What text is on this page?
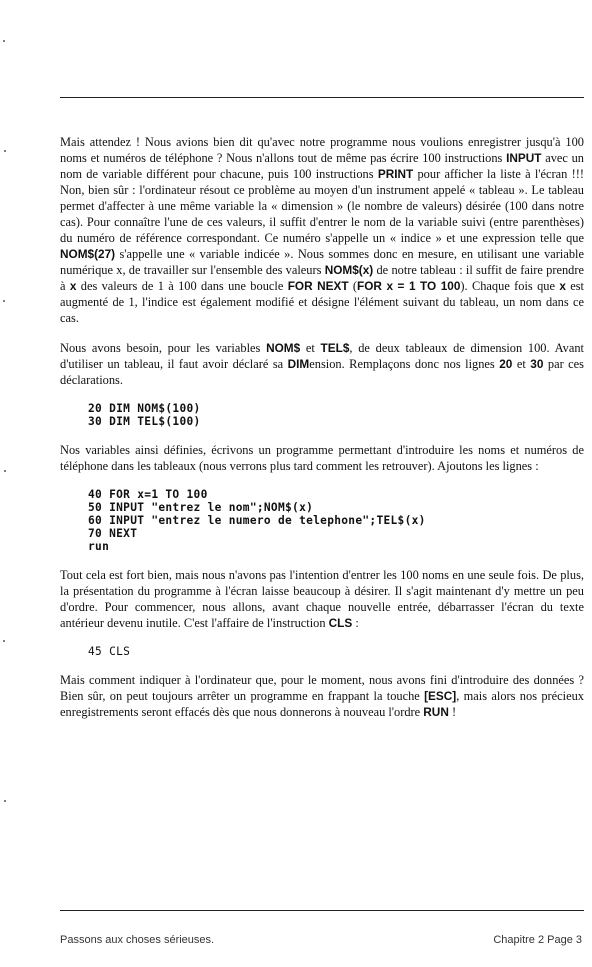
Mais attendez ! Nous avions bien dit qu'avec notre programme nous voulions enregistrer jusqu'à 100 noms et numéros de téléphone ? Nous n'allons tout de même pas écrire 100 instructions INPUT avec un nom de variable différent pour chacune, puis 100 instructions PRINT pour afficher la liste à l'écran !!! Non, bien sûr : l'ordinateur résout ce problème au moyen d'un instrument appelé « tableau ». Le tableau permet d'affecter à une même variable la « dimension » (le nombre de valeurs) désirée (100 dans notre cas). Pour connaître l'une de ces valeurs, il suffit d'entrer le nom de la variable suivi (entre parenthèses) du numéro de référence correspondant. Ce numéro s'appelle un « indice » et une expression telle que NOM$(27) s'appelle une « variable indicée ». Nous sommes donc en mesure, en utilisant une variable numérique x, de travailler sur l'ensemble des valeurs NOM$(x) de notre tableau : il suffit de faire prendre à x des valeurs de 1 à 100 dans une boucle FOR NEXT (FOR x = 1 TO 100). Chaque fois que x est augmenté de 1, l'indice est également modifié et désigne l'élément suivant du tableau, un nom dans ce cas.

Nous avons besoin, pour les variables NOM$ et TEL$, de deux tableaux de dimension 100. Avant d'utiliser un tableau, il faut avoir déclaré sa DIMension. Remplaçons donc nos lignes 20 et 30 par ces déclarations.

20 DIM NOM$(100)
30 DIM TEL$(100)

Nos variables ainsi définies, écrivons un programme permettant d'introduire les noms et numéros de téléphone dans les tableaux (nous verrons plus tard comment les retrouver). Ajoutons les lignes :

40 FOR x=1 TO 100
50 INPUT "entrez le nom";NOM$(x)
60 INPUT "entrez le numero de telephone";TEL$(x)
70 NEXT
run

Tout cela est fort bien, mais nous n'avons pas l'intention d'entrer les 100 noms en une seule fois. De plus, la présentation du programme à l'écran laisse beaucoup à désirer. Il s'agit maintenant d'y mettre un peu d'ordre. Pour commencer, nous allons, avant chaque nouvelle entrée, débarrasser l'écran du texte antérieur devenu inutile. C'est l'affaire de l'instruction CLS :

45 CLS

Mais comment indiquer à l'ordinateur que, pour le moment, nous avons fini d'introduire des données ? Bien sûr, on peut toujours arrêter un programme en frappant la touche [ESC], mais alors nos précieux enregistrements seront effacés dès que nous donnerons à nouveau l'ordre RUN !

Passons aux choses sérieuses.	Chapitre 2 Page 3
